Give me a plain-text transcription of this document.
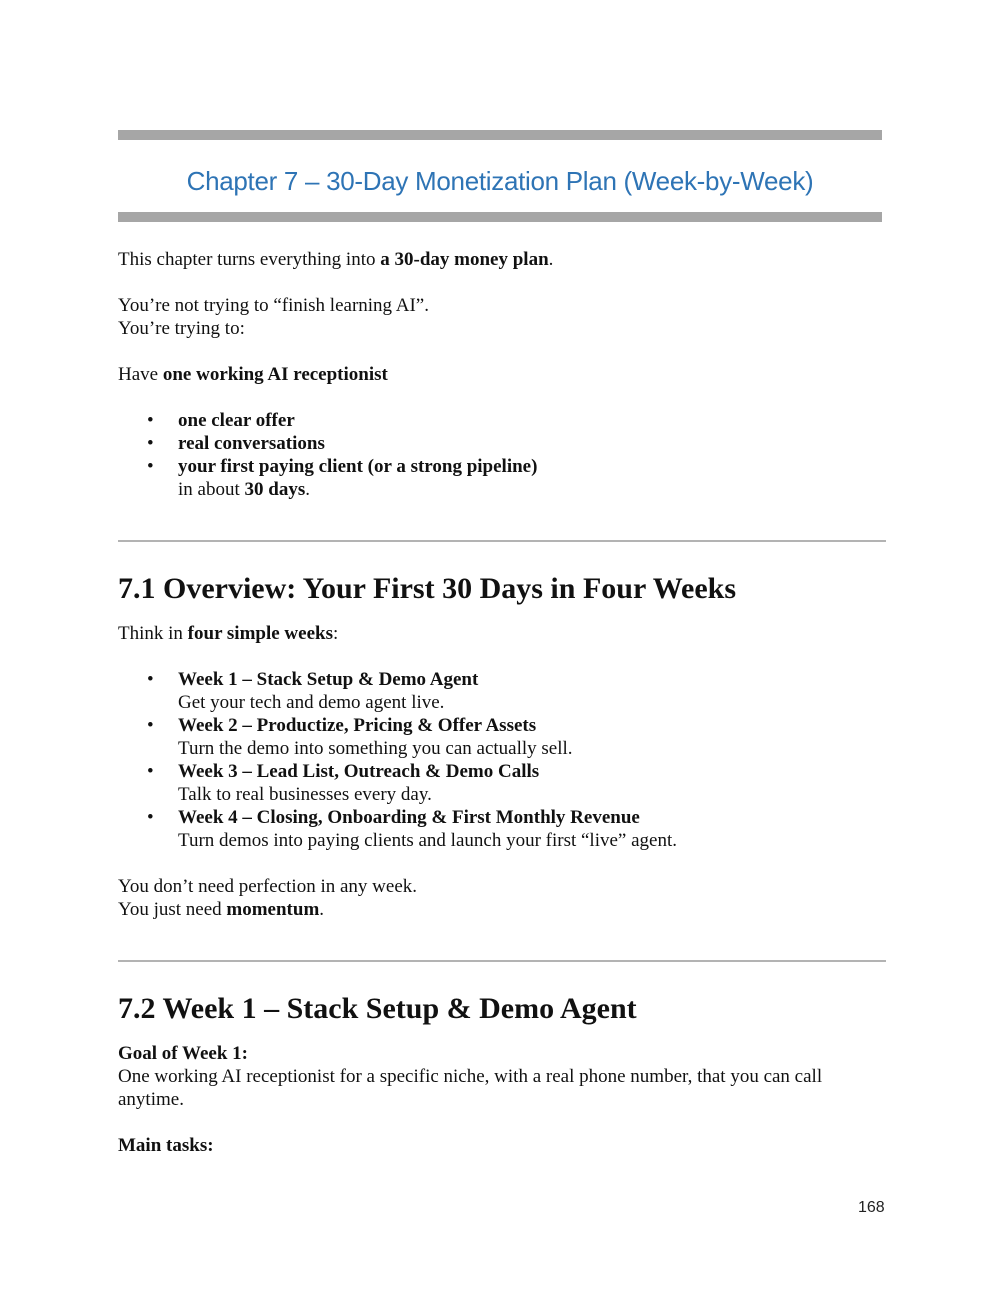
Chapter 7 – 30-Day Monetization Plan (Week-by-Week)

This chapter turns everything into a 30-day money plan.

You’re not trying to “finish learning AI”.

You’re trying to:

Have one working AI receptionist

• one clear offer
• real conversations
• your first paying client (or a strong pipeline)
in about 30 days.
7.1 Overview: Your First 30 Days in Four Weeks

Think in four simple weeks:

• Week 1 – Stack Setup & Demo Agent
Get your tech and demo agent live.
• Week 2 – Productize, Pricing & Offer Assets
Turn the demo into something you can actually sell.
• Week 3 – Lead List, Outreach & Demo Calls
Talk to real businesses every day.
• Week 4 – Closing, Onboarding & First Monthly Revenue
Turn demos into paying clients and launch your first “live” agent.

You don’t need perfection in any week.

You just need momentum.

7.2 Week 1 – Stack Setup & Demo Agent

Goal of Week 1:

One working AI receptionist for a specific niche, with a real phone number, that you can call anytime.

Main tasks:

168
